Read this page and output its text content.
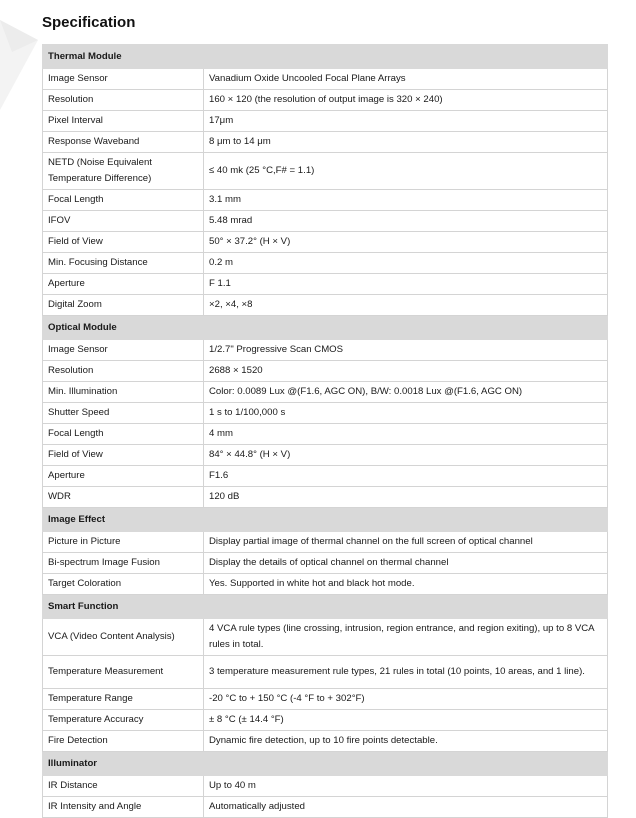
Specification
Thermal Module	
Image Sensor	Vanadium Oxide Uncooled Focal Plane Arrays
Resolution	160 × 120 (the resolution of output image is 320 × 240)
Pixel Interval	17μm
Response Waveband	8 μm to 14 μm
NETD (Noise Equivalent Temperature Difference)	≤ 40 mk (25 °C,F# = 1.1)
Focal Length	3.1 mm
IFOV	5.48 mrad
Field of View	50° × 37.2° (H × V)
Min. Focusing Distance	0.2 m
Aperture	F 1.1
Digital Zoom	×2, ×4, ×8
Optical Module	
Image Sensor	1/2.7" Progressive Scan CMOS
Resolution	2688 × 1520
Min. Illumination	Color: 0.0089 Lux @(F1.6, AGC ON), B/W: 0.0018 Lux @(F1.6, AGC ON)
Shutter Speed	1 s to 1/100,000 s
Focal Length	4 mm
Field of View	84° × 44.8° (H × V)
Aperture	F1.6
WDR	120 dB
Image Effect	
Picture in Picture	Display partial image of thermal channel on the full screen of optical channel
Bi-spectrum Image Fusion	Display the details of optical channel on thermal channel
Target Coloration	Yes. Supported in white hot and black hot mode.
Smart Function	
VCA (Video Content Analysis)	4 VCA rule types (line crossing, intrusion, region entrance, and region exiting), up to 8 VCA rules in total.
Temperature Measurement	3 temperature measurement rule types, 21 rules in total (10 points, 10 areas, and 1 line).
Temperature Range	-20 °C to + 150 °C (-4 °F to + 302°F)
Temperature Accuracy	± 8 °C (± 14.4 °F)
Fire Detection	Dynamic fire detection, up to 10 fire points detectable.
Illuminator	
IR Distance	Up to 40 m
IR Intensity and Angle	Automatically adjusted
